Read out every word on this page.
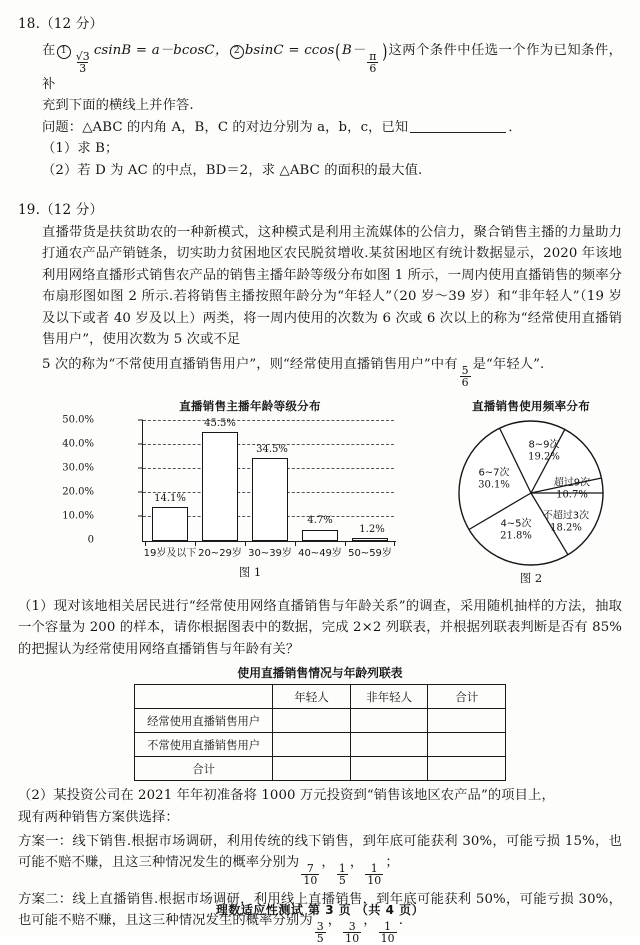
18.（12 分）
在 $1 \frac{√3}{3}$
csinB = a－bcosC， 2 bsinC = ccos(B－
$\frac{\pi}{6}$ )这两个条件中任选一个作为已知条件，补
充到下面的横线上并作答.
问题：△ABC 的内角 A，B，C 的对边分别为 a，b，c，已知	．
（1）求 B；
（2）若 D 为 AC 的中点，BD＝2，求 △ABC 的面积的最大值.
19.（12 分）
直播带货是扶贫助农的一种新模式，这种模式是利用主流媒体的公信力，聚合销售主播的力量助力打通农产品产销链条，切实助力贫困地区农民脱贫增收.某贫困地区有统计数据显示，2020 年该地利用网络直播形式销售农产品的销售主播年龄等级分布如图 1 所示，一周内使用直播销售的频率分布扇形图如图 2 所示.若将销售主播按照年龄分为“年轻人”（20 岁～39 岁）和“非年轻人”（19 岁及以下或者 40 岁及以上）两类，将一周内使用的次数为 6 次或 6 次以上的称为“经常使用直播销售用户”，使用次数为 5 次或不足
5 次的称为“不常使用直播销售用户”，则“经常使用直播销售用户”中有
$\frac{5}{6}$
是“年轻人”.
直播销售主播年龄等级分布
50.0%
40.0%
30.0%
20.0%
10.0%
0
14.1%
45.5%
34.5%
4.7%
1.2%
19岁及以下 20~29岁 30~39岁 40~49岁 50~59岁
图 1
直播销售使用频率分布
8~9次
19.2%
超过9次
10.7%
不超过3次
18.2%
4~5次
21.8%
6~7次
30.1%
图 2
（1）现对该地相关居民进行“经常使用网络直播销售与年龄关系”的调查，采用随机抽样的方法，抽取一个容量为 200 的样本，请你根据图表中的数据，完成 2×2 列联表，并根据列联表判断是否有 85% 的把握认为经常使用网络直播销售与年龄有关？
使用直播销售情况与年龄列联表
	年轻人	非年轻人	合计
经常使用直播销售用户			
不常使用直播销售用户			
合计			
（2）某投资公司在 2021 年年初准备将 1000 万元投资到“销售该地区农产品”的项目上，
现有两种销售方案供选择：
方案一：线下销售.根据市场调研，利用传统的线下销售，到年底可能获利 30%，可能亏损 15%，也可能不赔不赚，且这三种情况发生的概率分别为
$\frac{7}{10}$
，
$\frac{1}{5}$
，
$\frac{1}{10}$
；
方案二：线上直播销售.根据市场调研，利用线上直播销售，到年底可能获利 50%，可能亏损 30%，也可能不赔不赚，且这三种情况发生的概率分别为
$\frac{3}{5}$
，
$\frac{3}{10}$
，
$\frac{1}{10}$
.
理数适应性测试 第 3 页 （共 4 页）
